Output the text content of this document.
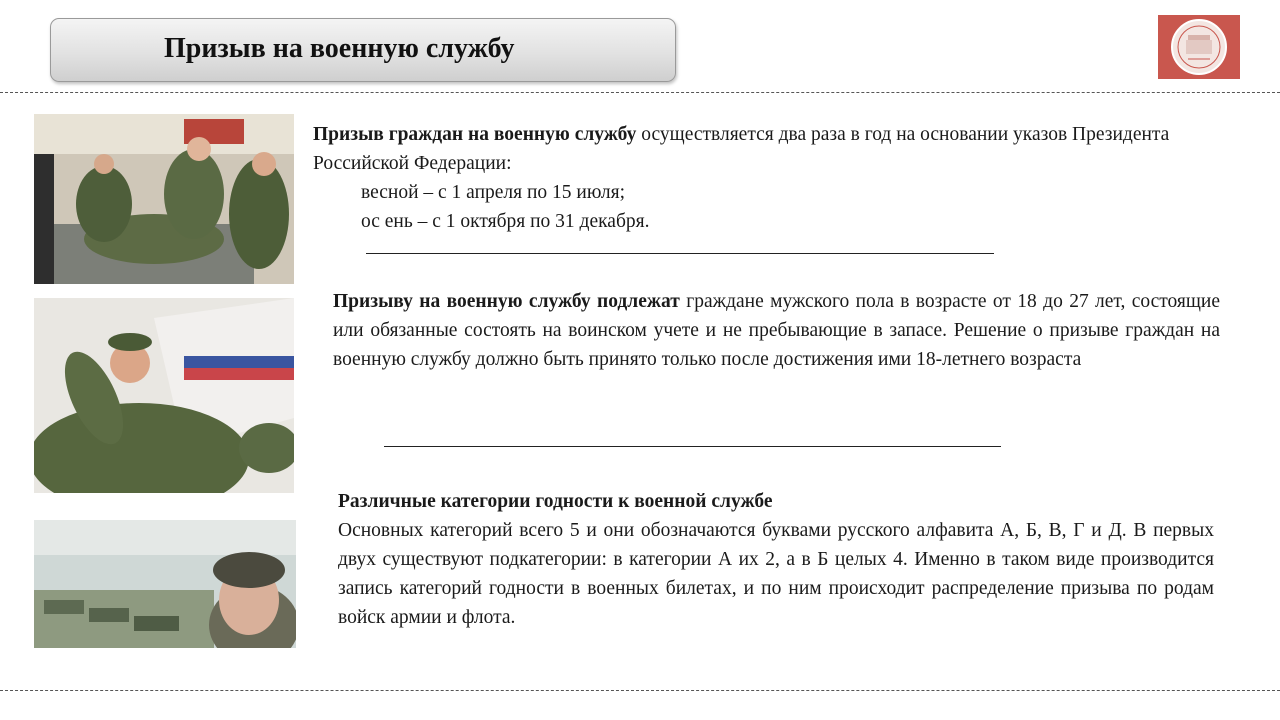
Призыв на военную службу
Призыв граждан на военную службу осуществляется два раза в год на основании указов Президента Российской Федерации:
весной – с 1 апреля по 15 июля;
ос ень – с 1 октября по 31 декабря.
Призыву на военную службу подлежат граждане мужского пола в возрасте от 18 до 27 лет, состоящие или обязанные состоять на воинском учете и не пребывающие в запасе. Решение о призыве граждан на военную службу должно быть принято только после достижения ими 18-летнего возраста
Различные категории годности к военной службе
Основных категорий всего 5 и они обозначаются буквами русского алфавита А, Б, В, Г и Д. В первых двух существуют подкатегории: в категории А их 2, а в Б целых 4. Именно в таком виде производится запись категорий годности в военных билетах, и по ним происходит распределение призыва по родам войск армии и флота.
